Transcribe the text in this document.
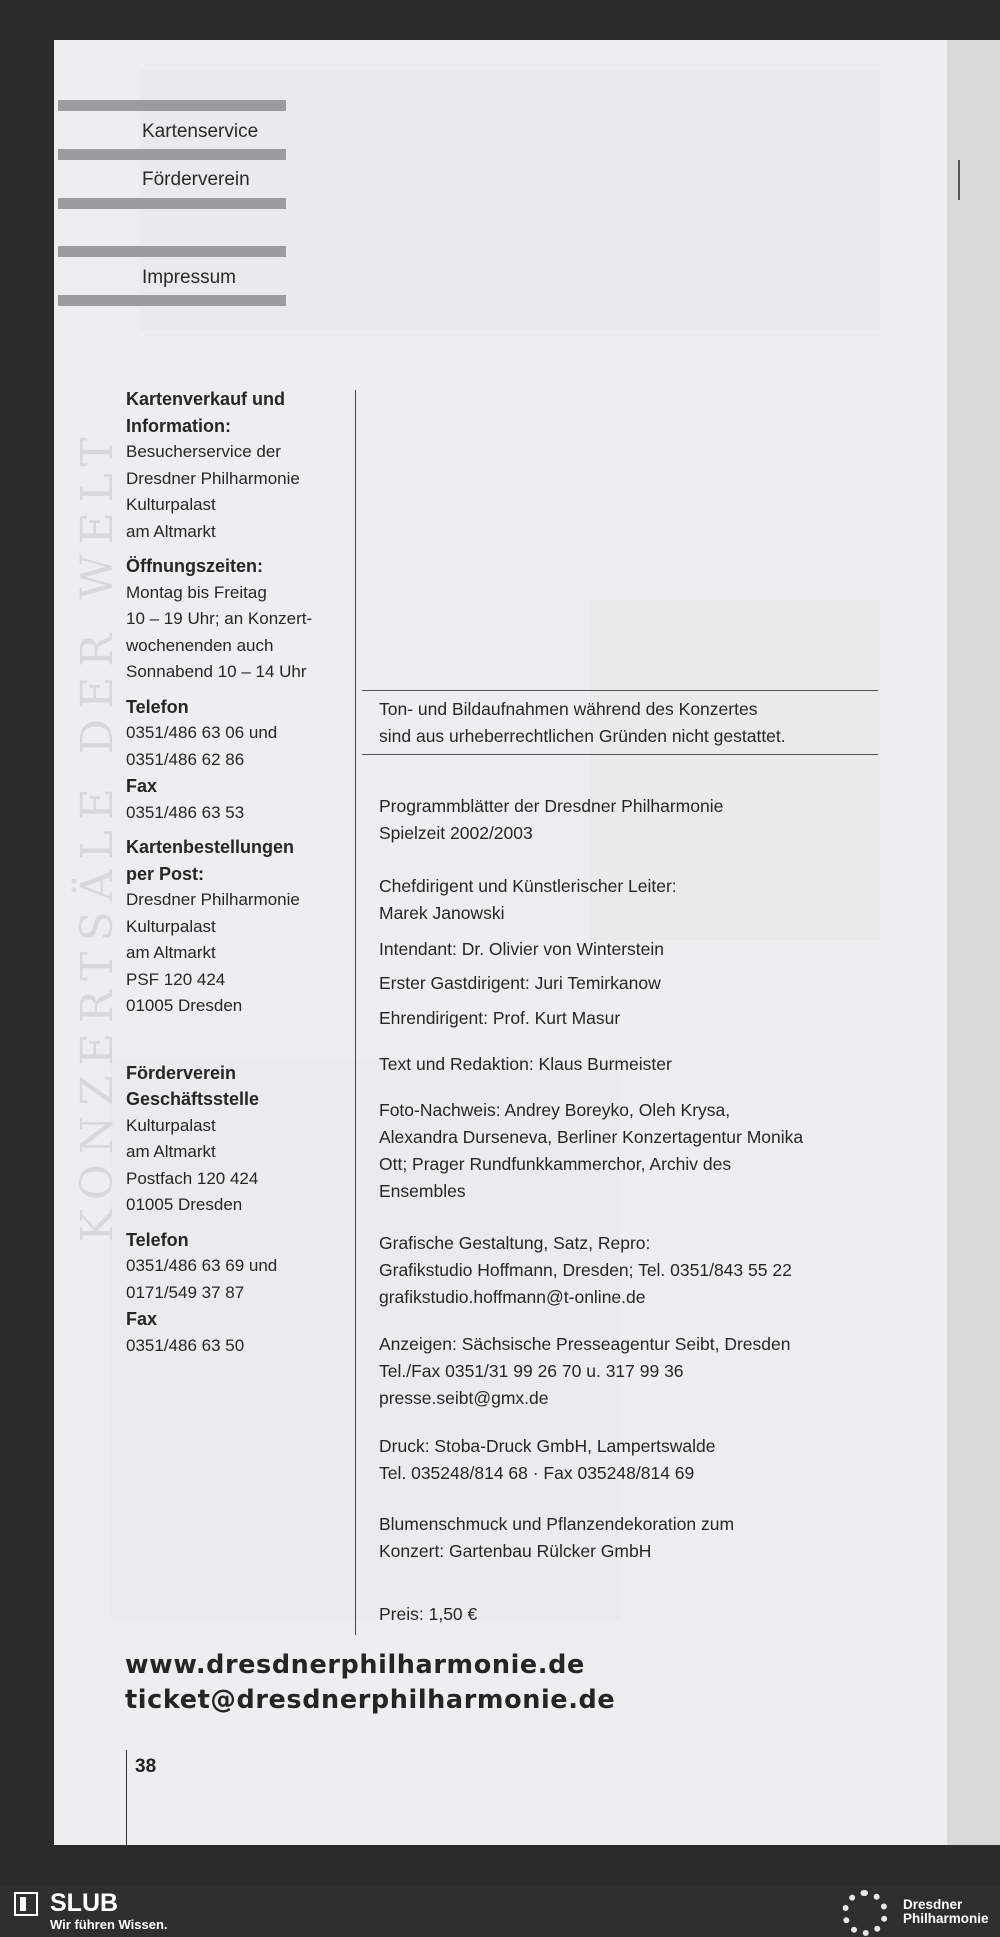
KONZERTSÄLE DER WELT
Kartenservice
Förderverein
Impressum
Kartenverkauf und
Information:
Besucherservice der
Dresdner Philharmonie
Kulturpalast
am Altmarkt
Öffnungszeiten:
Montag bis Freitag
10 – 19 Uhr; an Konzert-
wochenenden auch
Sonnabend 10 – 14 Uhr
Telefon
0351/486 63 06 und
0351/486 62 86
Fax
0351/486 63 53
Kartenbestellungen
per Post:
Dresdner Philharmonie
Kulturpalast
am Altmarkt
PSF 120 424
01005 Dresden
Förderverein
Geschäftsstelle
Kulturpalast
am Altmarkt
Postfach 120 424
01005 Dresden
Telefon
0351/486 63 69 und
0171/549 37 87
Fax
0351/486 63 50
Ton- und Bildaufnahmen während des Konzertes
sind aus urheberrechtlichen Gründen nicht gestattet.
Programmblätter der Dresdner Philharmonie
Spielzeit 2002/2003
Chefdirigent und Künstlerischer Leiter:
Marek Janowski
Intendant: Dr. Olivier von Winterstein
Erster Gastdirigent: Juri Temirkanow
Ehrendirigent: Prof. Kurt Masur
Text und Redaktion: Klaus Burmeister
Foto-Nachweis: Andrey Boreyko, Oleh Krysa,
Alexandra Durseneva, Berliner Konzertagentur Monika
Ott; Prager Rundfunkkammerchor, Archiv des
Ensembles
Grafische Gestaltung, Satz, Repro:
Grafikstudio Hoffmann, Dresden; Tel. 0351/843 55 22
grafikstudio.hoffmann@t-online.de
Anzeigen: Sächsische Presseagentur Seibt, Dresden
Tel./Fax 0351/31 99 26 70 u. 317 99 36
presse.seibt@gmx.de
Druck: Stoba-Druck GmbH, Lampertswalde
Tel. 035248/814 68 · Fax 035248/814 69
Blumenschmuck und Pflanzendekoration zum
Konzert: Gartenbau Rülcker GmbH
Preis: 1,50 €
www.dresdnerphilharmonie.de
ticket@dresdnerphilharmonie.de
38
SLUB
Wir führen Wissen.
Dresdner
Philharmonie
